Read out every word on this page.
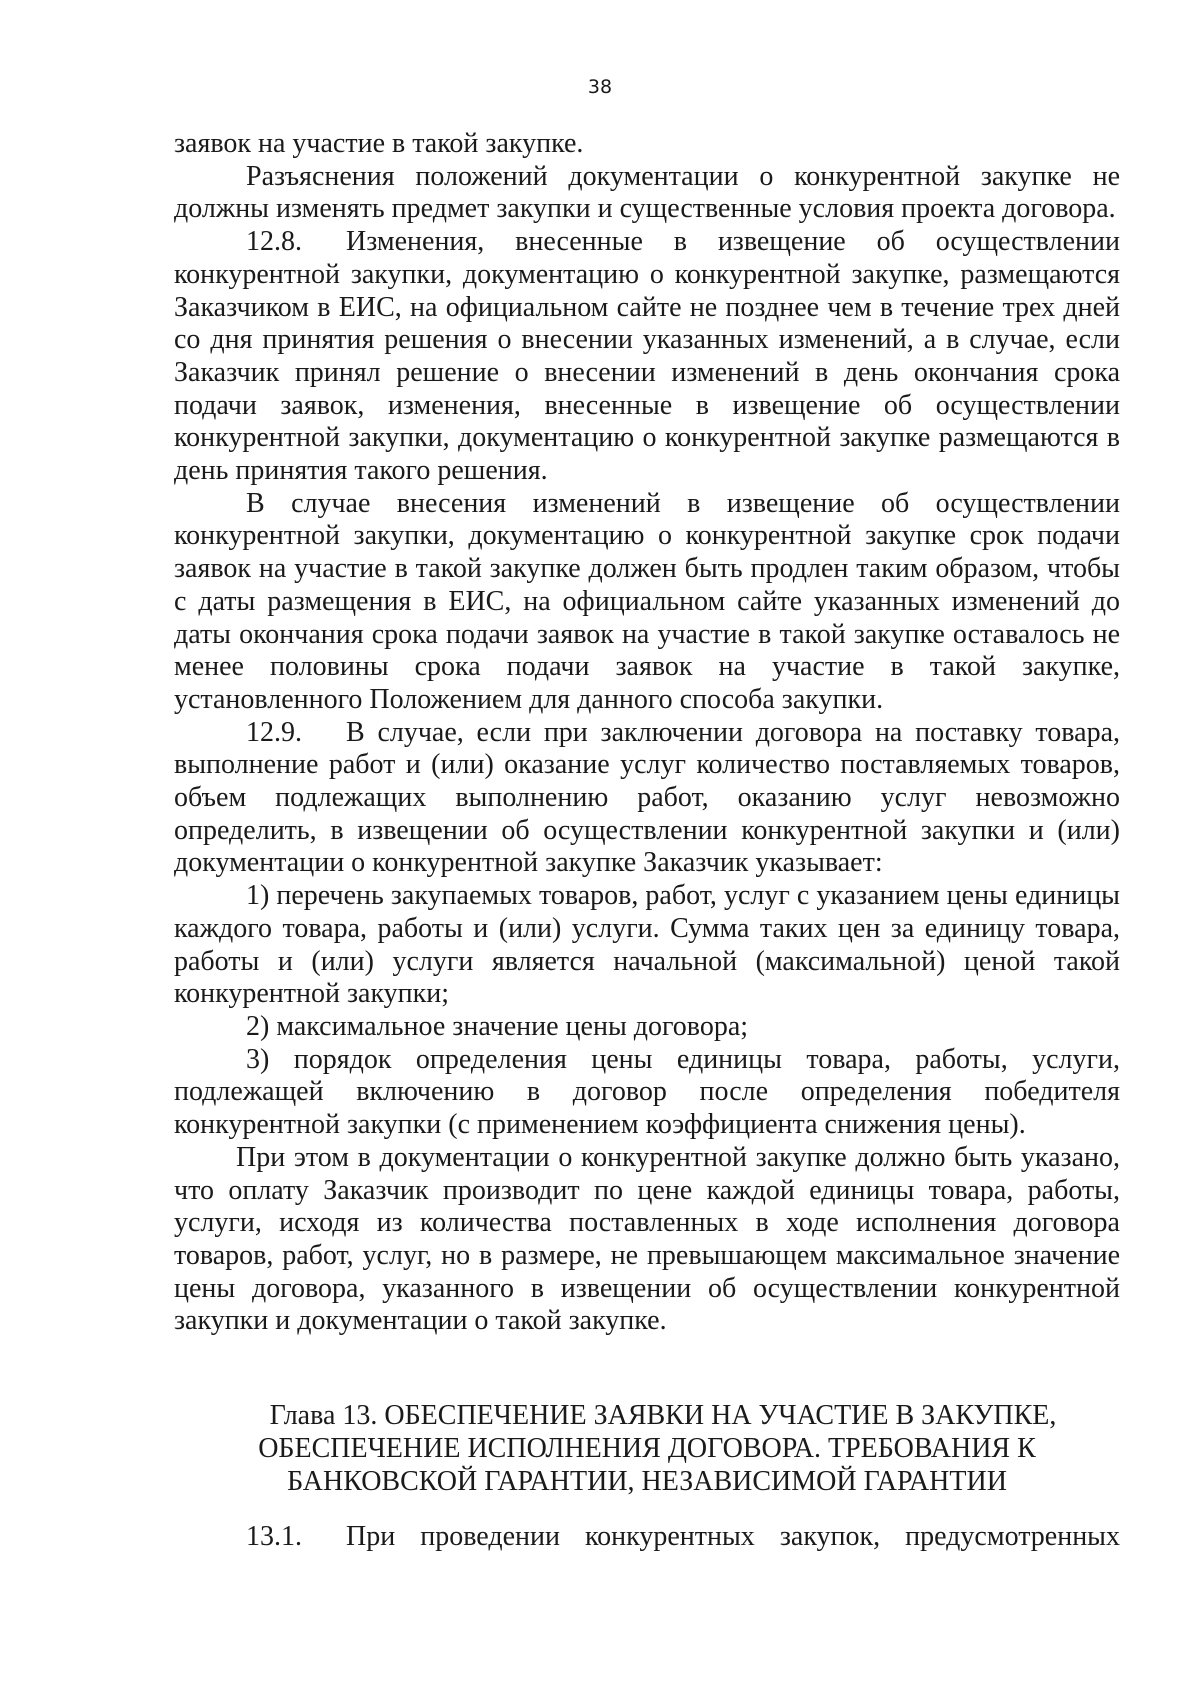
38

заявок на участие в такой закупке.

Разъяснения положений документации о конкурентной закупке не должны изменять предмет закупки и существенные условия проекта договора.

12.8. Изменения, внесенные в извещение об осуществлении конкурентной закупки, документацию о конкурентной закупке, размещаются Заказчиком в ЕИС, на официальном сайте не позднее чем в течение трех дней со дня принятия решения о внесении указанных изменений, а в случае, если Заказчик принял решение о внесении изменений в день окончания срока подачи заявок, изменения, внесенные в извещение об осуществлении конкурентной закупки, документацию о конкурентной закупке размещаются в день принятия такого решения.

В случае внесения изменений в извещение об осуществлении конкурентной закупки, документацию о конкурентной закупке срок подачи заявок на участие в такой закупке должен быть продлен таким образом, чтобы с даты размещения в ЕИС, на официальном сайте указанных изменений до даты окончания срока подачи заявок на участие в такой закупке оставалось не менее половины срока подачи заявок на участие в такой закупке, установленного Положением для данного способа закупки.

12.9. В случае, если при заключении договора на поставку товара, выполнение работ и (или) оказание услуг количество поставляемых товаров, объем подлежащих выполнению работ, оказанию услуг невозможно определить, в извещении об осуществлении конкурентной закупки и (или) документации о конкурентной закупке Заказчик указывает:

1) перечень закупаемых товаров, работ, услуг с указанием цены единицы каждого товара, работы и (или) услуги. Сумма таких цен за единицу товара, работы и (или) услуги является начальной (максимальной) ценой такой конкурентной закупки;

2) максимальное значение цены договора;

3) порядок определения цены единицы товара, работы, услуги, подлежащей включению в договор после определения победителя конкурентной закупки (с применением коэффициента снижения цены).

При этом в документации о конкурентной закупке должно быть указано, что оплату Заказчик производит по цене каждой единицы товара, работы, услуги, исходя из количества поставленных в ходе исполнения договора товаров, работ, услуг, но в размере, не превышающем максимальное значение цены договора, указанного в извещении об осуществлении конкурентной закупки и документации о такой закупке.

Глава 13. ОБЕСПЕЧЕНИЕ ЗАЯВКИ НА УЧАСТИЕ В ЗАКУПКЕ,
ОБЕСПЕЧЕНИЕ ИСПОЛНЕНИЯ ДОГОВОРА. ТРЕБОВАНИЯ К
БАНКОВСКОЙ ГАРАНТИИ, НЕЗАВИСИМОЙ ГАРАНТИИ

13.1. При проведении конкурентных закупок, предусмотренных
